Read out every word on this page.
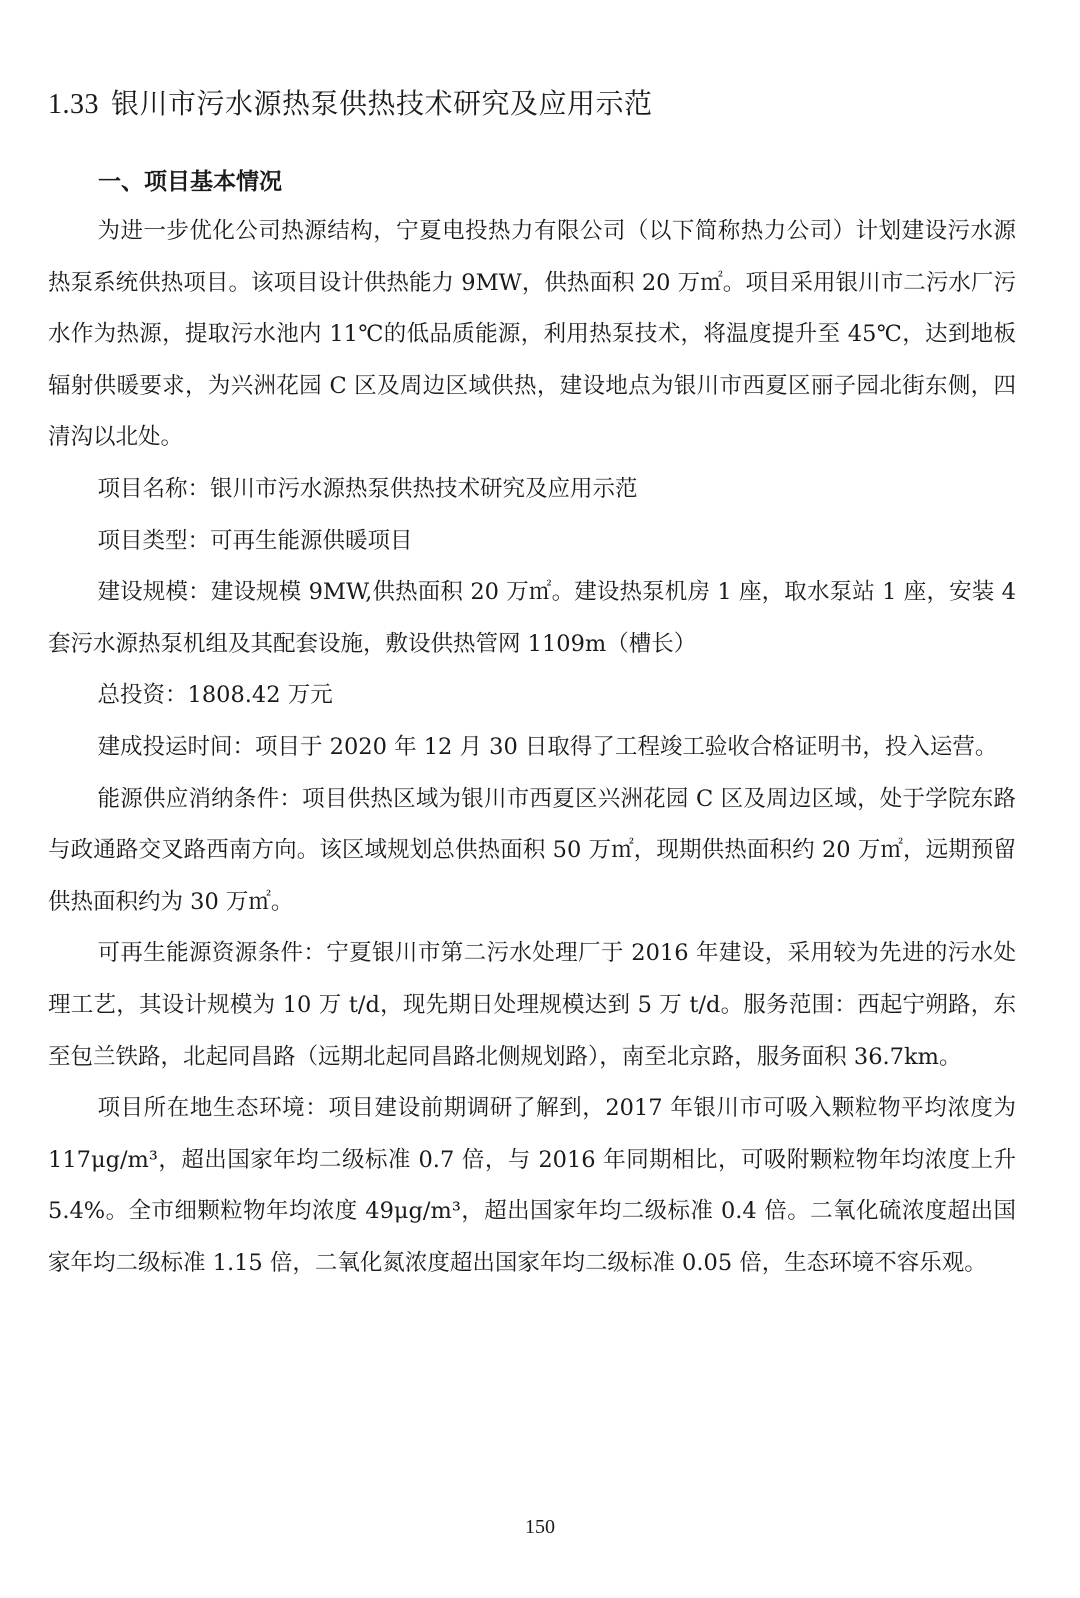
1.33 银川市污水源热泵供热技术研究及应用示范
一、项目基本情况

为进一步优化公司热源结构，宁夏电投热力有限公司（以下简称热力公司）计划建设污水源热泵系统供热项目。该项目设计供热能力 9MW，供热面积 20 万㎡。项目采用银川市二污水厂污水作为热源，提取污水池内 11℃的低品质能源，利用热泵技术，将温度提升至 45℃，达到地板辐射供暖要求，为兴洲花园 C 区及周边区域供热，建设地点为银川市西夏区丽子园北街东侧，四清沟以北处。

项目名称：银川市污水源热泵供热技术研究及应用示范

项目类型：可再生能源供暖项目

建设规模：建设规模 9MW,供热面积 20 万㎡。建设热泵机房 1 座，取水泵站 1 座，安装 4 套污水源热泵机组及其配套设施，敷设供热管网 1109m（槽长）

总投资：1808.42 万元

建成投运时间：项目于 2020 年 12 月 30 日取得了工程竣工验收合格证明书，投入运营。

能源供应消纳条件：项目供热区域为银川市西夏区兴洲花园 C 区及周边区域，处于学院东路与政通路交叉路西南方向。该区域规划总供热面积 50 万㎡，现期供热面积约 20 万㎡，远期预留供热面积约为 30 万㎡。

可再生能源资源条件：宁夏银川市第二污水处理厂于 2016 年建设，采用较为先进的污水处理工艺，其设计规模为 10 万 t/d，现先期日处理规模达到 5 万 t/d。服务范围：西起宁朔路，东至包兰铁路，北起同昌路（远期北起同昌路北侧规划路），南至北京路，服务面积 36.7km。

项目所在地生态环境：项目建设前期调研了解到，2017 年银川市可吸入颗粒物平均浓度为 117μg/m³，超出国家年均二级标准 0.7 倍，与 2016 年同期相比，可吸附颗粒物年均浓度上升 5.4%。全市细颗粒物年均浓度 49μg/m³，超出国家年均二级标准 0.4 倍。二氧化硫浓度超出国家年均二级标准 1.15 倍，二氧化氮浓度超出国家年均二级标准 0.05 倍，生态环境不容乐观。

150
